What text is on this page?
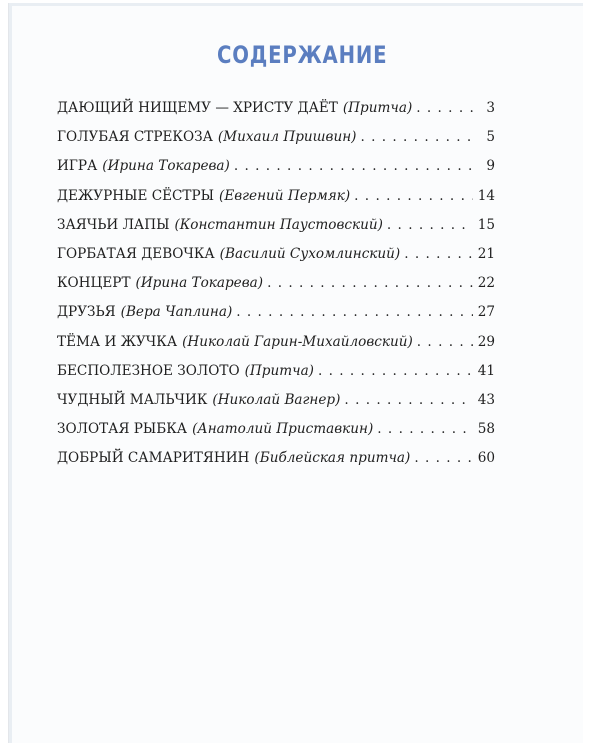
СОДЕРЖАНИЕ
ДАЮЩИЙ НИЩЕМУ — ХРИСТУ ДАЁТ (Притча) . . .	3
ГОЛУБАЯ СТРЕКОЗА (Михаил Пришвин) . . .	5
ИГРА (Ирина Токарева) . . .	9
ДЕЖУРНЫЕ СЁСТРЫ (Евгений Пермяк) . . .	14
ЗАЯЧЬИ ЛАПЫ (Константин Паустовский) . . .	15
ГОРБАТАЯ ДЕВОЧКА (Василий Сухомлинский) . . .	21
КОНЦЕРТ (Ирина Токарева) . . .	22
ДРУЗЬЯ (Вера Чаплина) . . .	27
ТЁМА И ЖУЧКА (Николай Гарин-Михайловский) . . .	29
БЕСПОЛЕЗНОЕ ЗОЛОТО (Притча) . . .	41
ЧУДНЫЙ МАЛЬЧИК (Николай Вагнер) . . .	43
ЗОЛОТАЯ РЫБКА (Анатолий Приставкин) . . .	58
ДОБРЫЙ САМАРИТЯНИН (Библейская притча) . . .	60
